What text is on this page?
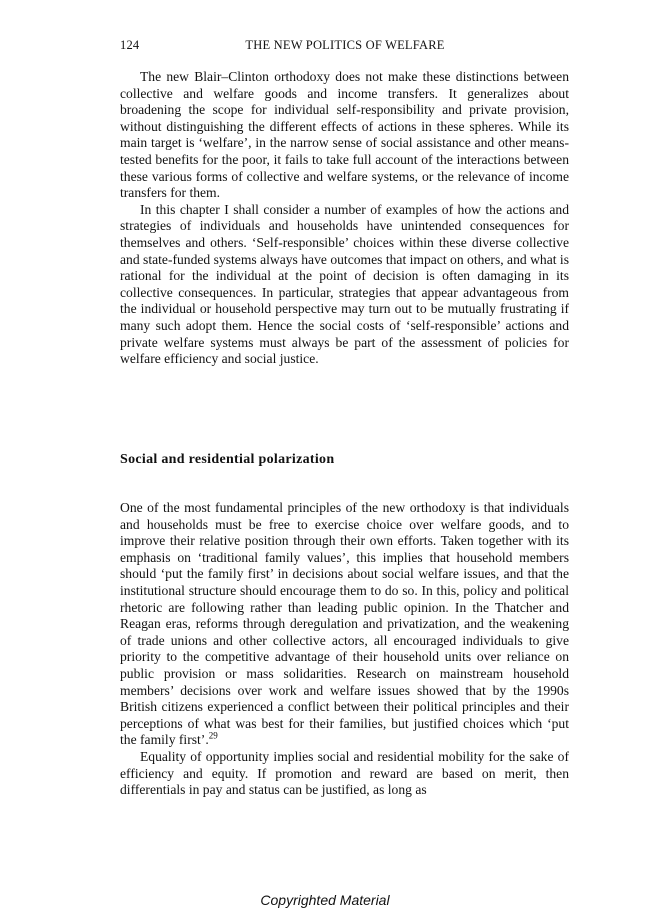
124	THE NEW POLITICS OF WELFARE

The new Blair–Clinton orthodoxy does not make these distinctions between collective and welfare goods and income transfers. It generalizes about broadening the scope for individual self-responsibility and private provision, without distinguishing the different effects of actions in these spheres. While its main target is ‘welfare’, in the narrow sense of social assistance and other means-tested benefits for the poor, it fails to take full account of the interactions between these various forms of collective and welfare systems, or the relevance of income transfers for them.

In this chapter I shall consider a number of examples of how the actions and strategies of individuals and households have unintended consequences for themselves and others. ‘Self-responsible’ choices within these diverse collective and state-funded systems always have outcomes that impact on others, and what is rational for the individual at the point of decision is often damaging in its collective consequences. In particular, strategies that appear advantageous from the individual or household perspective may turn out to be mutually frustrating if many such adopt them. Hence the social costs of ‘self-responsible’ actions and private welfare systems must always be part of the assessment of policies for welfare efficiency and social justice.

Social and residential polarization

One of the most fundamental principles of the new orthodoxy is that individuals and households must be free to exercise choice over welfare goods, and to improve their relative position through their own efforts. Taken together with its emphasis on ‘traditional family values’, this implies that household members should ‘put the family first’ in decisions about social welfare issues, and that the institutional structure should encourage them to do so. In this, policy and political rhetoric are following rather than leading public opinion. In the Thatcher and Reagan eras, reforms through deregulation and privatization, and the weakening of trade unions and other collective actors, all encouraged individuals to give priority to the competitive advantage of their household units over reliance on public provision or mass solidarities. Research on mainstream household members’ decisions over work and welfare issues showed that by the 1990s British citizens experienced a conflict between their political principles and their perceptions of what was best for their families, but justified choices which ‘put the family first’.$^{29}$

Equality of opportunity implies social and residential mobility for the sake of efficiency and equity. If promotion and reward are based on merit, then differentials in pay and status can be justified, as long as

Copyrighted Material
